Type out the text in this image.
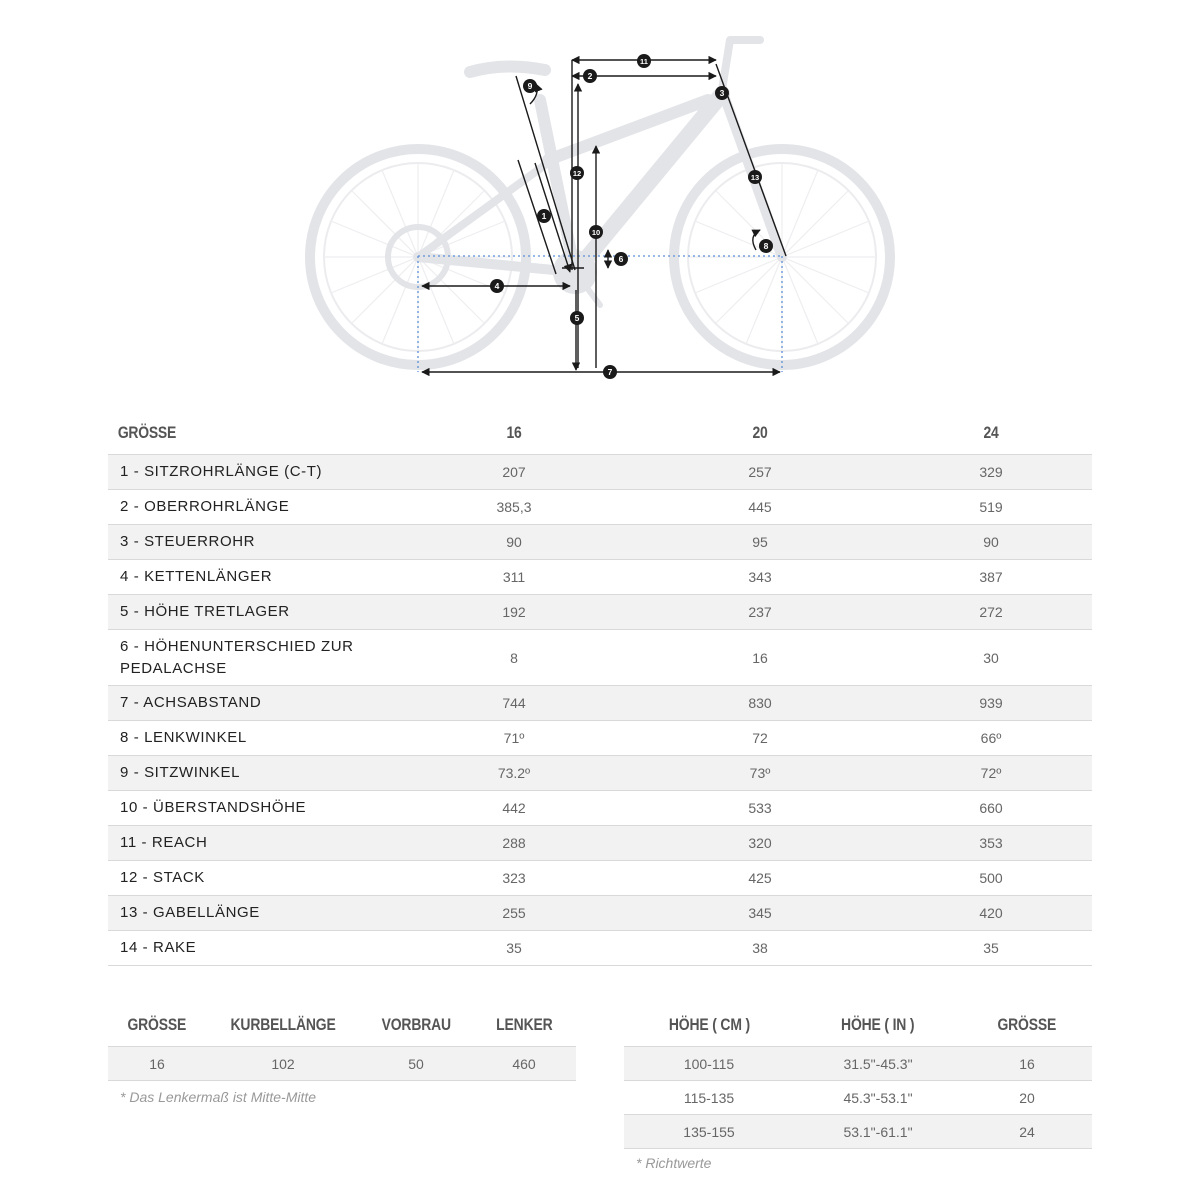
1
2
3
4
5
6
7
8
9
10
11
12	13
GRÖSSE	16	20	24
1 - SITZROHRLÄNGE (C-T)	207	257	329
2 - OBERROHRLÄNGE	385,3	445	519
3 - STEUERROHR	90	95	90
4 - KETTENLÄNGER	311	343	387
5 - HÖHE TRETLAGER	192	237	272
6 - HÖHENUNTERSCHIED ZUR PEDALACHSE	8	16	30
7 - ACHSABSTAND	744	830	939
8 - LENKWINKEL	71º	72	66º
9 - SITZWINKEL	73.2º	73º	72º
10 - ÜBERSTANDSHÖHE	442	533	660
11 - REACH	288	320	353
12 - STACK	323	425	500
13 - GABELLÄNGE	255	345	420
14 - RAKE	35	38	35
GRÖSSE	KURBELLÄNGE	VORBRAU	LENKER
16	102	50	460
* Das Lenkermaß ist Mitte-Mitte
HÖHE ( CM )	HÖHE ( IN )	GRÖSSE
100-115	31.5"-45.3"	16
115-135	45.3"-53.1"	20
135-155	53.1"-61.1"	24
* Richtwerte
